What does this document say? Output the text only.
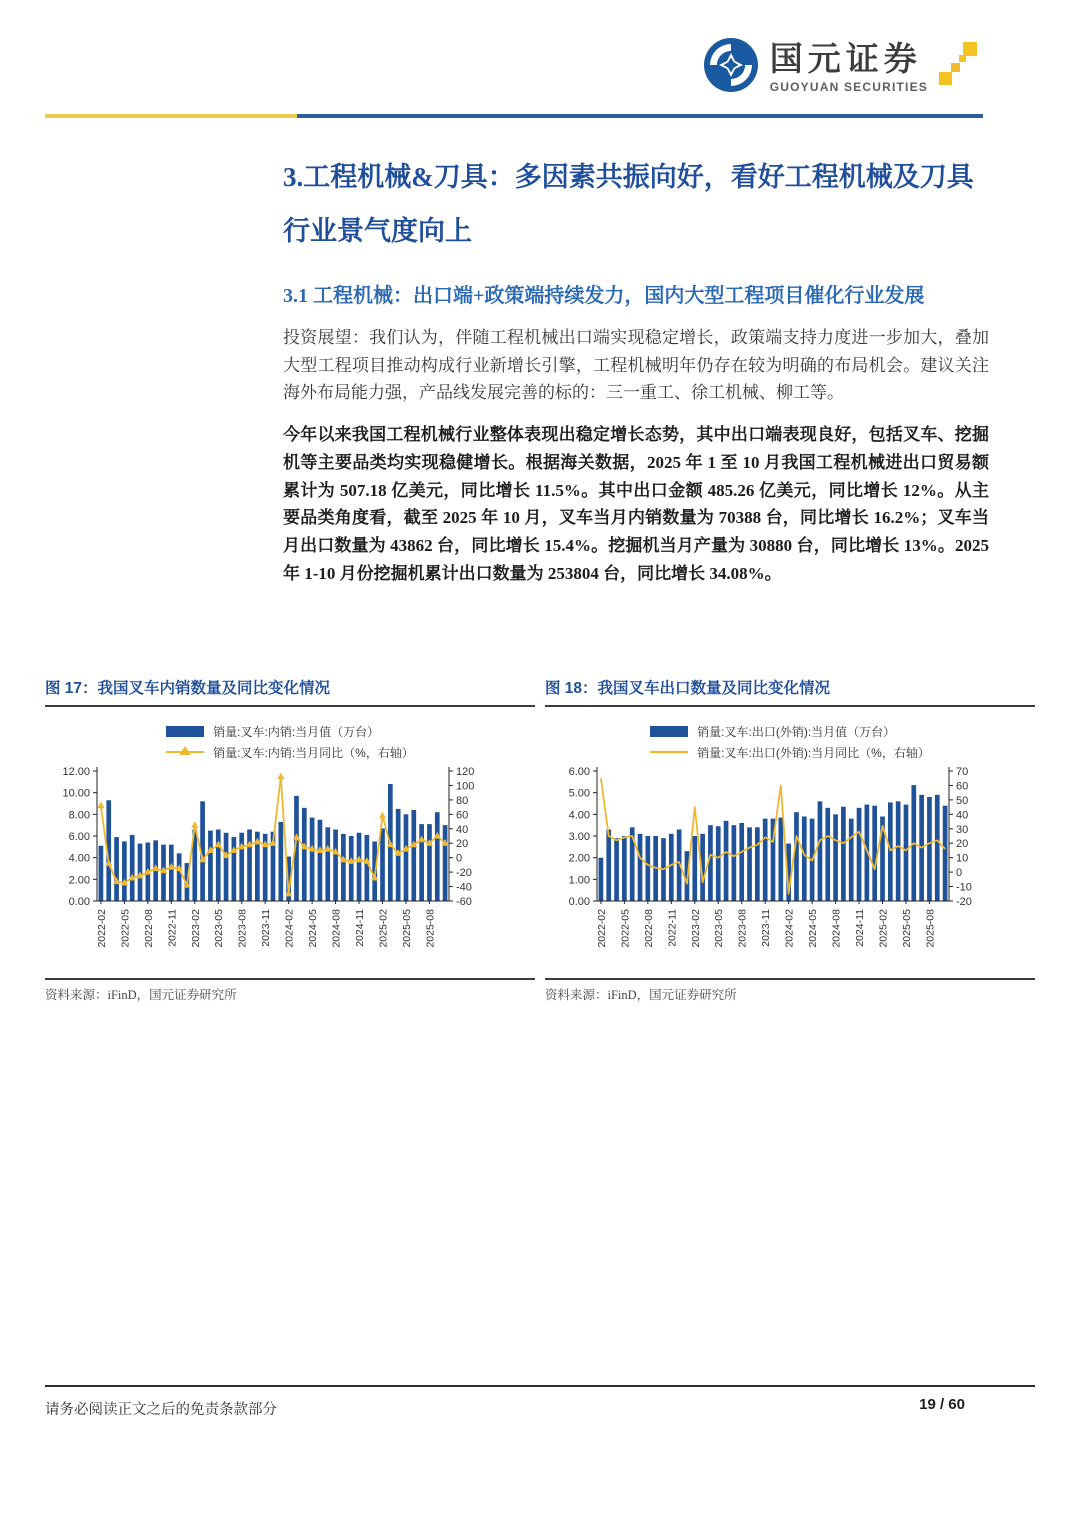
国元证券
GUOYUAN SECURITIES
3.工程机械&刀具：多因素共振向好，看好工程机械及刀具行业景气度向上
3.1 工程机械：出口端+政策端持续发力，国内大型工程项目催化行业发展

投资展望：我们认为，伴随工程机械出口端实现稳定增长，政策端支持力度进一步加大，叠加大型工程项目推动构成行业新增长引擎，工程机械明年仍存在较为明确的布局机会。建议关注海外布局能力强，产品线发展完善的标的：三一重工、徐工机械、柳工等。

今年以来我国工程机械行业整体表现出稳定增长态势，其中出口端表现良好，包括叉车、挖掘机等主要品类均实现稳健增长。根据海关数据，2025 年 1 至 10 月我国工程机械进出口贸易额累计为 507.18 亿美元，同比增长 11.5%。其中出口金额 485.26 亿美元，同比增长 12%。从主要品类角度看，截至 2025 年 10 月，叉车当月内销数量为 70388 台，同比增长 16.2%；叉车当月出口数量为 43862 台，同比增长 15.4%。挖掘机当月产量为 30880 台，同比增长 13%。2025 年 1-10 月份挖掘机累计出口数量为 253804 台，同比增长 34.08%。

图 17：我国叉车内销数量及同比变化情况
销量:叉车:内销:当月值（万台）
销量:叉车:内销:当月同比（%，右轴）
0.00
2.00
4.00
6.00
8.00
10.00
12.00
-60
-40
-20
0
20
40
60
80
100
120
2022-02 2022-05 2022-08 2022-11 2023-02 2023-05 2023-08 2023-11 2024-02 2024-05 2024-08 2024-11 2025-02 2025-05 2025-08
资料来源：iFinD，国元证券研究所
图 18：我国叉车出口数量及同比变化情况
销量:叉车:出口(外销):当月值（万台）
销量:叉车:出口(外销):当月同比（%，右轴）
0.00
1.00
2.00
3.00
4.00
5.00
6.00
-20
-10
0
10
20
30
40
50
60
70
2022-02 2022-05 2022-08 2022-11 2023-02 2023-05 2023-08 2023-11 2024-02 2024-05 2024-08 2024-11 2025-02 2025-05 2025-08
资料来源：iFinD，国元证券研究所
请务必阅读正文之后的免责条款部分	19 / 60
